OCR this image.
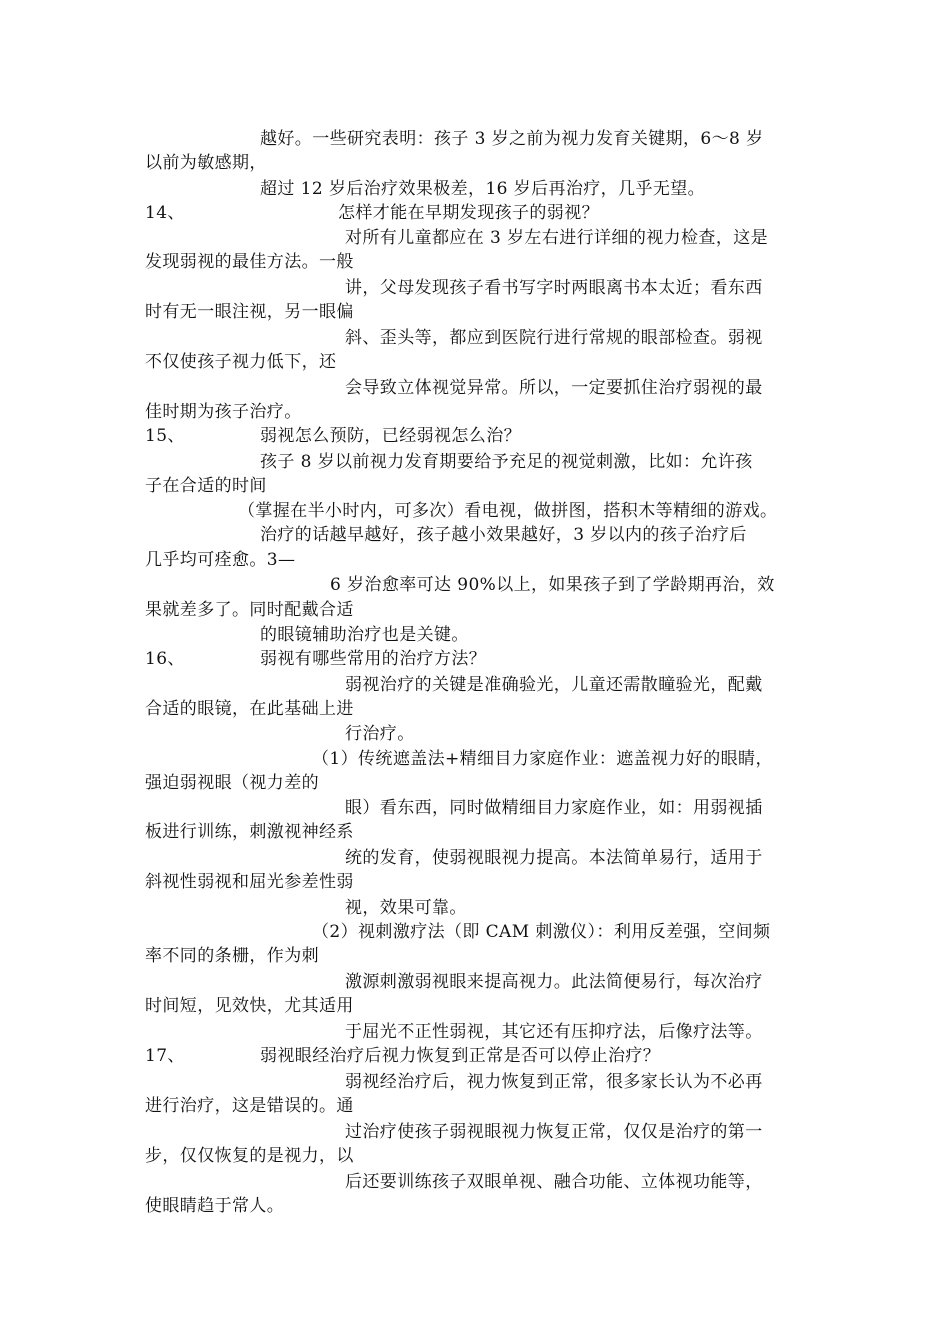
越好。一些研究表明：孩子 3 岁之前为视力发育关键期，6～8 岁
以前为敏感期，
超过 12 岁后治疗效果极差，16 岁后再治疗，几乎无望。
14、	怎样才能在早期发现孩子的弱视？
对所有儿童都应在 3 岁左右进行详细的视力检查，这是
发现弱视的最佳方法。一般
讲，父母发现孩子看书写字时两眼离书本太近；看东西
时有无一眼注视，另一眼偏
斜、歪头等，都应到医院行进行常规的眼部检查。弱视
不仅使孩子视力低下，还
会导致立体视觉异常。所以，一定要抓住治疗弱视的最
佳时期为孩子治疗。
15、	弱视怎么预防，已经弱视怎么治？
孩子 8 岁以前视力发育期要给予充足的视觉刺激，比如：允许孩
子在合适的时间
（掌握在半小时内，可多次）看电视，做拼图，搭积木等精细的游戏。
治疗的话越早越好，孩子越小效果越好，3 岁以内的孩子治疗后
几乎均可痊愈。3—
6 岁治愈率可达 90%以上，如果孩子到了学龄期再治，效
果就差多了。同时配戴合适
的眼镜辅助治疗也是关键。
16、	弱视有哪些常用的治疗方法？
弱视治疗的关键是准确验光，儿童还需散瞳验光，配戴
合适的眼镜，在此基础上进
行治疗。
（1）传统遮盖法+精细目力家庭作业：遮盖视力好的眼睛，
强迫弱视眼（视力差的
眼）看东西，同时做精细目力家庭作业，如：用弱视插
板进行训练，刺激视神经系
统的发育，使弱视眼视力提高。本法简单易行，适用于
斜视性弱视和屈光参差性弱
视，效果可靠。
（2）视刺激疗法（即 CAM 刺激仪）：利用反差强，空间频
率不同的条栅，作为刺
激源刺激弱视眼来提高视力。此法简便易行，每次治疗
时间短，见效快，尤其适用
于屈光不正性弱视，其它还有压抑疗法，后像疗法等。
17、	弱视眼经治疗后视力恢复到正常是否可以停止治疗？
弱视经治疗后，视力恢复到正常，很多家长认为不必再
进行治疗，这是错误的。通
过治疗使孩子弱视眼视力恢复正常，仅仅是治疗的第一
步，仅仅恢复的是视力，以
后还要训练孩子双眼单视、融合功能、立体视功能等，
使眼睛趋于常人。
